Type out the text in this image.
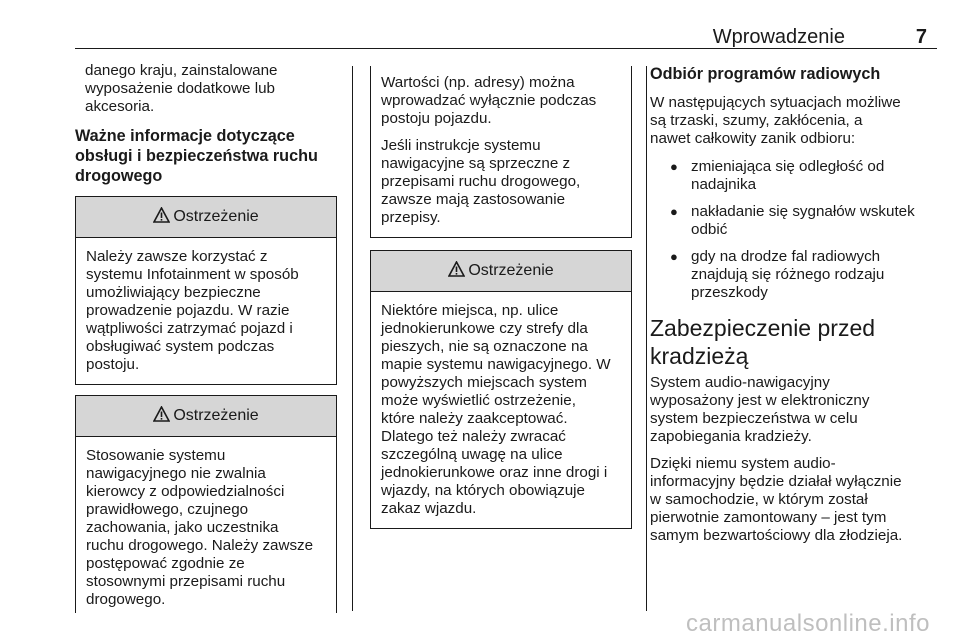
Wprowadzenie	7

danego kraju, zainstalowane

wyposażenie dodatkowe lub

akcesoria.

Ważne informacje dotyczące
obsługi i bezpieczeństwa ruchu
drogowego
Ostrzeżenie

Należy zawsze korzystać z

systemu Infotainment w sposób

umożliwiający bezpieczne

prowadzenie pojazdu. W razie

wątpliwości zatrzymać pojazd i

obsługiwać system podczas

postoju.

Ostrzeżenie

Stosowanie systemu

nawigacyjnego nie zwalnia

kierowcy z odpowiedzialności

prawidłowego, czujnego

zachowania, jako uczestnika

ruchu drogowego. Należy zawsze

postępować zgodnie ze

stosownymi przepisami ruchu

drogowego.

Wartości (np. adresy) można

wprowadzać wyłącznie podczas

postoju pojazdu.

Jeśli instrukcje systemu

nawigacyjne są sprzeczne z

przepisami ruchu drogowego,

zawsze mają zastosowanie

przepisy.

Ostrzeżenie

Niektóre miejsca, np. ulice

jednokierunkowe czy strefy dla

pieszych, nie są oznaczone na

mapie systemu nawigacyjnego. W

powyższych miejscach system

może wyświetlić ostrzeżenie,

które należy zaakceptować.

Dlatego też należy zwracać

szczególną uwagę na ulice

jednokierunkowe oraz inne drogi i

wjazdy, na których obowiązuje

zakaz wjazdu.

Odbiór programów radiowych

W następujących sytuacjach możliwe

są trzaski, szumy, zakłócenia, a

nawet całkowity zanik odbioru:

● zmieniająca się odległość od
nadajnika
● nakładanie się sygnałów wskutek
odbić
● gdy na drodze fal radiowych
znajdują się różnego rodzaju
przeszkody
Zabezpieczenie przed
kradzieżą

System audio-nawigacyjny

wyposażony jest w elektroniczny

system bezpieczeństwa w celu

zapobiegania kradzieży.

Dzięki niemu system audio-

informacyjny będzie działał wyłącznie

w samochodzie, w którym został

pierwotnie zamontowany – jest tym

samym bezwartościowy dla złodzieja.

carmanualsonline.info
